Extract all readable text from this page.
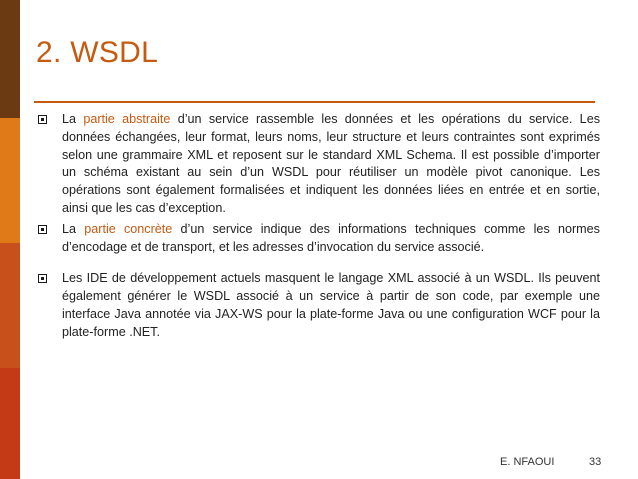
2. WSDL

La partie abstraite d’un service rassemble les données et les opérations du service. Les données échangées, leur format, leurs noms, leur structure et leurs contraintes sont exprimés selon une grammaire XML et reposent sur le standard XML Schema. Il est possible d’importer un schéma existant au sein d’un WSDL pour réutiliser un modèle pivot canonique. Les opérations sont également formalisées et indiquent les données liées en entrée et en sortie, ainsi que les cas d’exception.

La partie concrète d’un service indique des informations techniques comme les normes d’encodage et de transport, et les adresses d’invocation du service associé.

Les IDE de développement actuels masquent le langage XML associé à un WSDL. Ils peuvent également générer le WSDL associé à un service à partir de son code, par exemple une interface Java annotée via JAX-WS pour la plate-forme Java ou une configuration WCF pour la plate-forme .NET.

E. NFAOUI	33
